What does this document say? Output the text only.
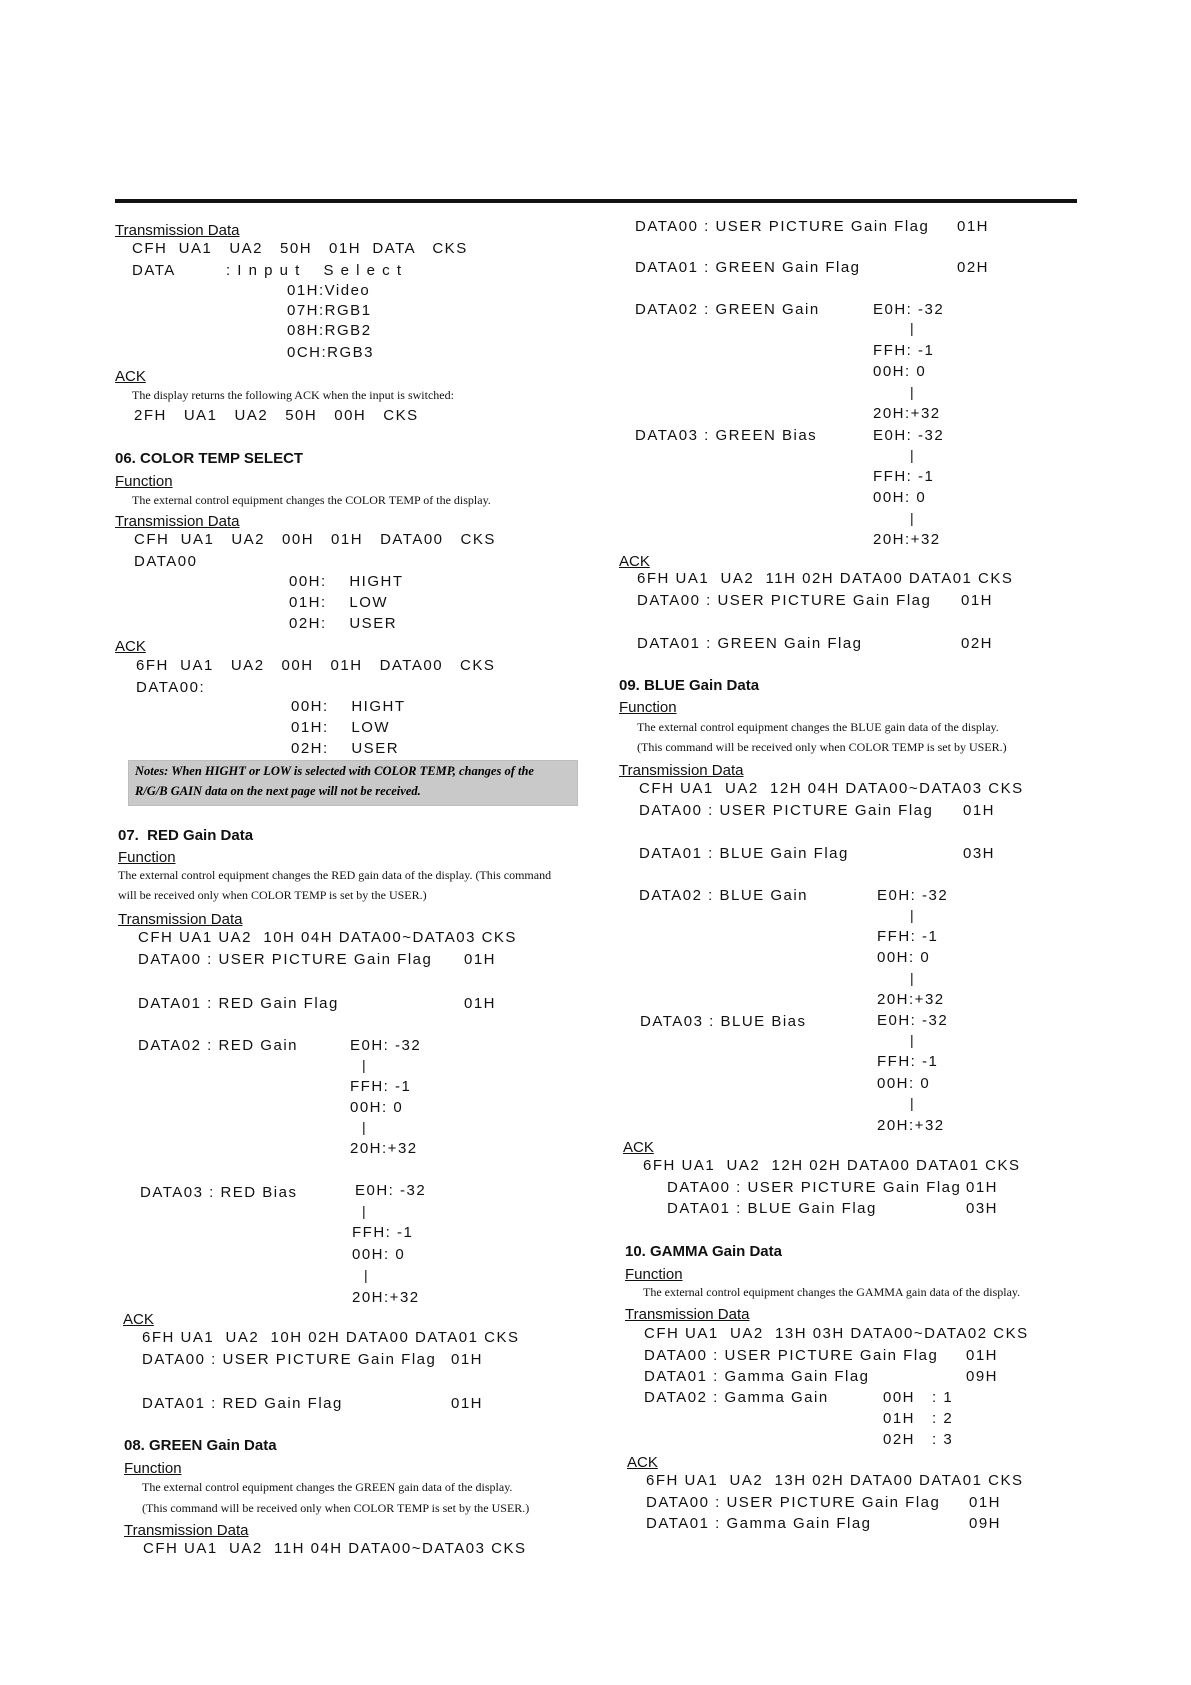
Transmission Data
CFH  UA1   UA2   50H   01H  DATA   CKS
DATA         : I n p u t    S e l e c t
01H:Video
07H:RGB1
08H:RGB2
0CH:RGB3
ACK
The display returns the following ACK when the input is switched:
2FH   UA1   UA2   50H   00H   CKS
06. COLOR TEMP SELECT
Function
The external control equipment changes the COLOR TEMP of the display.
Transmission Data
CFH  UA1   UA2   00H   01H   DATA00   CKS
DATA00
00H:    HIGHT
01H:    LOW
02H:    USER
ACK
6FH  UA1   UA2   00H   01H   DATA00   CKS
DATA00:
00H:    HIGHT
01H:    LOW
02H:    USER
Notes: When HIGHT or LOW is selected with COLOR TEMP, changes of the
R/G/B GAIN data on the next page will not be received.
07.  RED Gain Data
Function
The external control equipment changes the RED gain data of the display. (This command
will be received only when COLOR TEMP is set by the USER.)
Transmission Data
CFH UA1 UA2  10H 04H DATA00~DATA03 CKS
DATA00 : USER PICTURE Gain Flag 01H
DATA01 : RED Gain Flag	01H
DATA02 : RED Gain	E0H: -32
|
FFH: -1
00H: 0
|
20H:+32
DATA03 : RED Bias	E0H: -32
|
FFH: -1
00H: 0
|
20H:+32
ACK
6FH UA1  UA2  10H 02H DATA00 DATA01 CKS
DATA00 : USER PICTURE Gain Flag 01H
DATA01 : RED Gain Flag	01H
08. GREEN Gain Data
Function
The external control equipment changes the GREEN gain data of the display.
(This command will be received only when COLOR TEMP is set by the USER.)
Transmission Data
CFH UA1  UA2  11H 04H DATA00~DATA03 CKS
DATA00 : USER PICTURE Gain Flag 01H
DATA01 : GREEN Gain Flag	02H
DATA02 : GREEN Gain	E0H: -32
|
FFH: -1
00H: 0
|
20H:+32
DATA03 : GREEN Bias	E0H: -32
|
FFH: -1
00H: 0
|
20H:+32
ACK
6FH UA1  UA2  11H 02H DATA00 DATA01 CKS
DATA00 : USER PICTURE Gain Flag 01H
DATA01 : GREEN Gain Flag	02H
09. BLUE Gain Data
Function
The external control equipment changes the BLUE gain data of the display.
(This command will be received only when COLOR TEMP is set by USER.)
Transmission Data
CFH UA1  UA2  12H 04H DATA00~DATA03 CKS
DATA00 : USER PICTURE Gain Flag 01H
DATA01 : BLUE Gain Flag	03H
DATA02 : BLUE Gain	E0H: -32
|
FFH: -1
00H: 0
|
20H:+32
DATA03 : BLUE Bias	E0H: -32
|
FFH: -1
00H: 0
|
20H:+32
ACK
6FH UA1  UA2  12H 02H DATA00 DATA01 CKS
DATA00 : USER PICTURE Gain Flag 01H
DATA01 : BLUE Gain Flag	03H
10. GAMMA Gain Data
Function
The external control equipment changes the GAMMA gain data of the display.
Transmission Data
CFH UA1  UA2  13H 03H DATA00~DATA02 CKS
DATA00 : USER PICTURE Gain Flag 01H
DATA01 : Gamma Gain Flag	09H
DATA02 : Gamma Gain	00H   : 1
01H   : 2
02H   : 3
ACK
6FH UA1  UA2  13H 02H DATA00 DATA01 CKS
DATA00 : USER PICTURE Gain Flag 01H
DATA01 : Gamma Gain Flag	09H
